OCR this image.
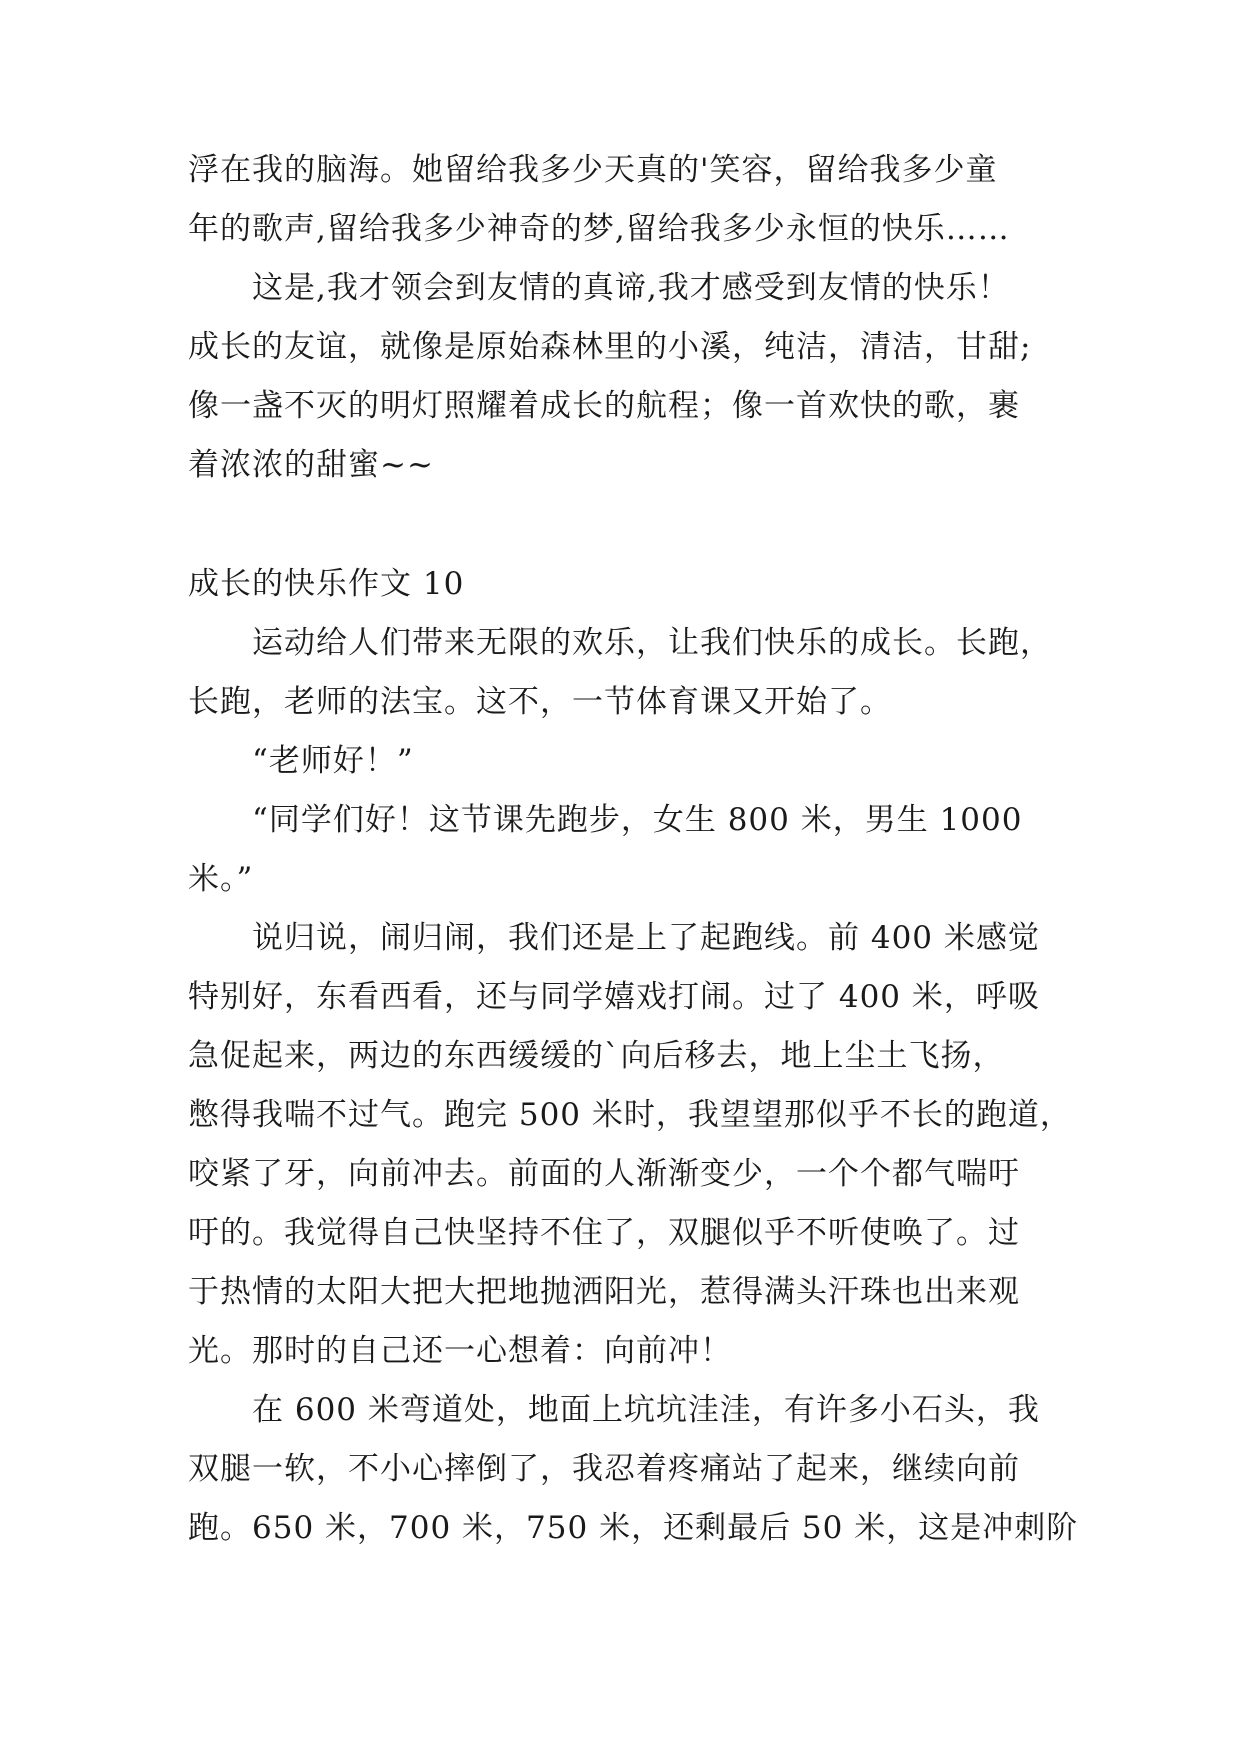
浮在我的脑海。她留给我多少天真的'笑容，留给我多少童
年的歌声,留给我多少神奇的梦,留给我多少永恒的快乐……
　　这是,我才领会到友情的真谛,我才感受到友情的快乐！
成长的友谊，就像是原始森林里的小溪，纯洁，清洁，甘甜;
像一盏不灭的明灯照耀着成长的航程；像一首欢快的歌，裹
着浓浓的甜蜜~~
成长的快乐作文 10
　　运动给人们带来无限的欢乐，让我们快乐的成长。长跑，
长跑，老师的法宝。这不，一节体育课又开始了。
　　“老师好！”
　　“同学们好！这节课先跑步，女生 800 米，男生 1000
米。”
　　说归说，闹归闹，我们还是上了起跑线。前 400 米感觉
特别好，东看西看，还与同学嬉戏打闹。过了 400 米，呼吸
急促起来，两边的东西缓缓的`向后移去，地上尘土飞扬，
憋得我喘不过气。跑完 500 米时，我望望那似乎不长的跑道，
咬紧了牙，向前冲去。前面的人渐渐变少，一个个都气喘吁
吁的。我觉得自己快坚持不住了，双腿似乎不听使唤了。过
于热情的太阳大把大把地抛洒阳光，惹得满头汗珠也出来观
光。那时的自己还一心想着：向前冲！
　　在 600 米弯道处，地面上坑坑洼洼，有许多小石头，我
双腿一软，不小心摔倒了，我忍着疼痛站了起来，继续向前
跑。650 米，700 米，750 米，还剩最后 50 米，这是冲刺阶
